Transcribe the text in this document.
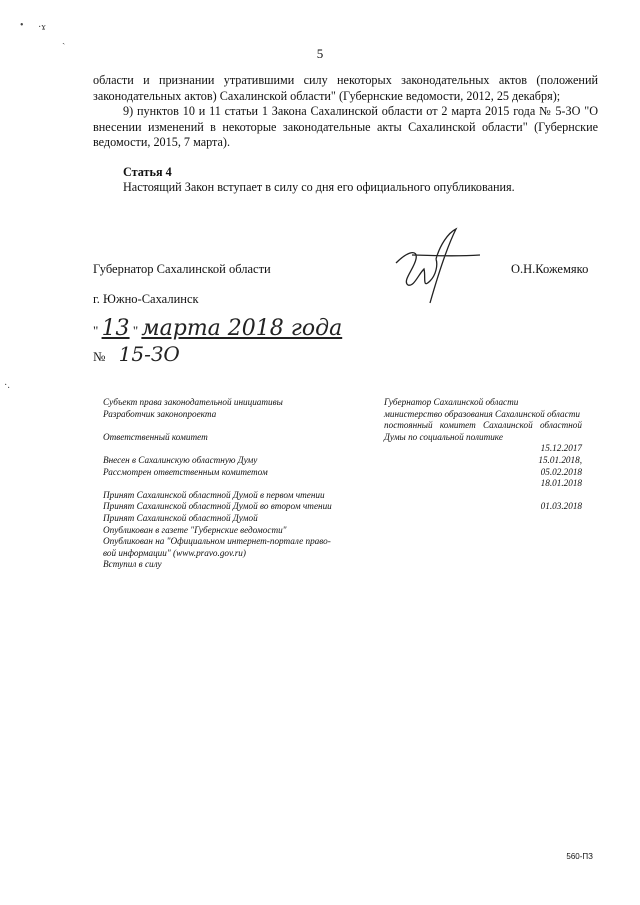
• ·ɤ
ˎ
·.
5

области и признании утратившими силу некоторых законодательных актов (положений законодательных актов) Сахалинской области" (Губернские ведомости, 2012, 25 декабря);

9) пунктов 10 и 11 статьи 1 Закона Сахалинской области от 2 марта 2015 года № 5-ЗО "О внесении изменений в некоторые законодательные акты Сахалинской области" (Губернские ведомости, 2015, 7 марта).

Статья 4
Настоящий Закон вступает в силу со дня его официального опубликования.
Губернатор Сахалинской области	О.Н.Кожемяко
г. Южно-Сахалинск
" 13 " марта 2018 года
№ 15-ЗО
Субъект права законодательной инициативы
Разработчик законопроекта
Ответственный комитет
Внесен в Сахалинскую областную Думу
Рассмотрен ответственным комитетом
Принят Сахалинской областной Думой в первом чтении
Принят Сахалинской областной Думой во втором чтении
Принят Сахалинской областной Думой
Опубликован в газете "Губернские ведомости"
Опубликован на "Официальном интернет-портале право-
вой информации" (www.pravo.gov.ru)
Вступил в силу
Губернатор Сахалинской области
министерство образования Сахалинской области
постоянный комитет Сахалинской областной Думы по социальной политике
15.12.2017
15.01.2018,
05.02.2018
18.01.2018
01.03.2018
560-ПЗ
